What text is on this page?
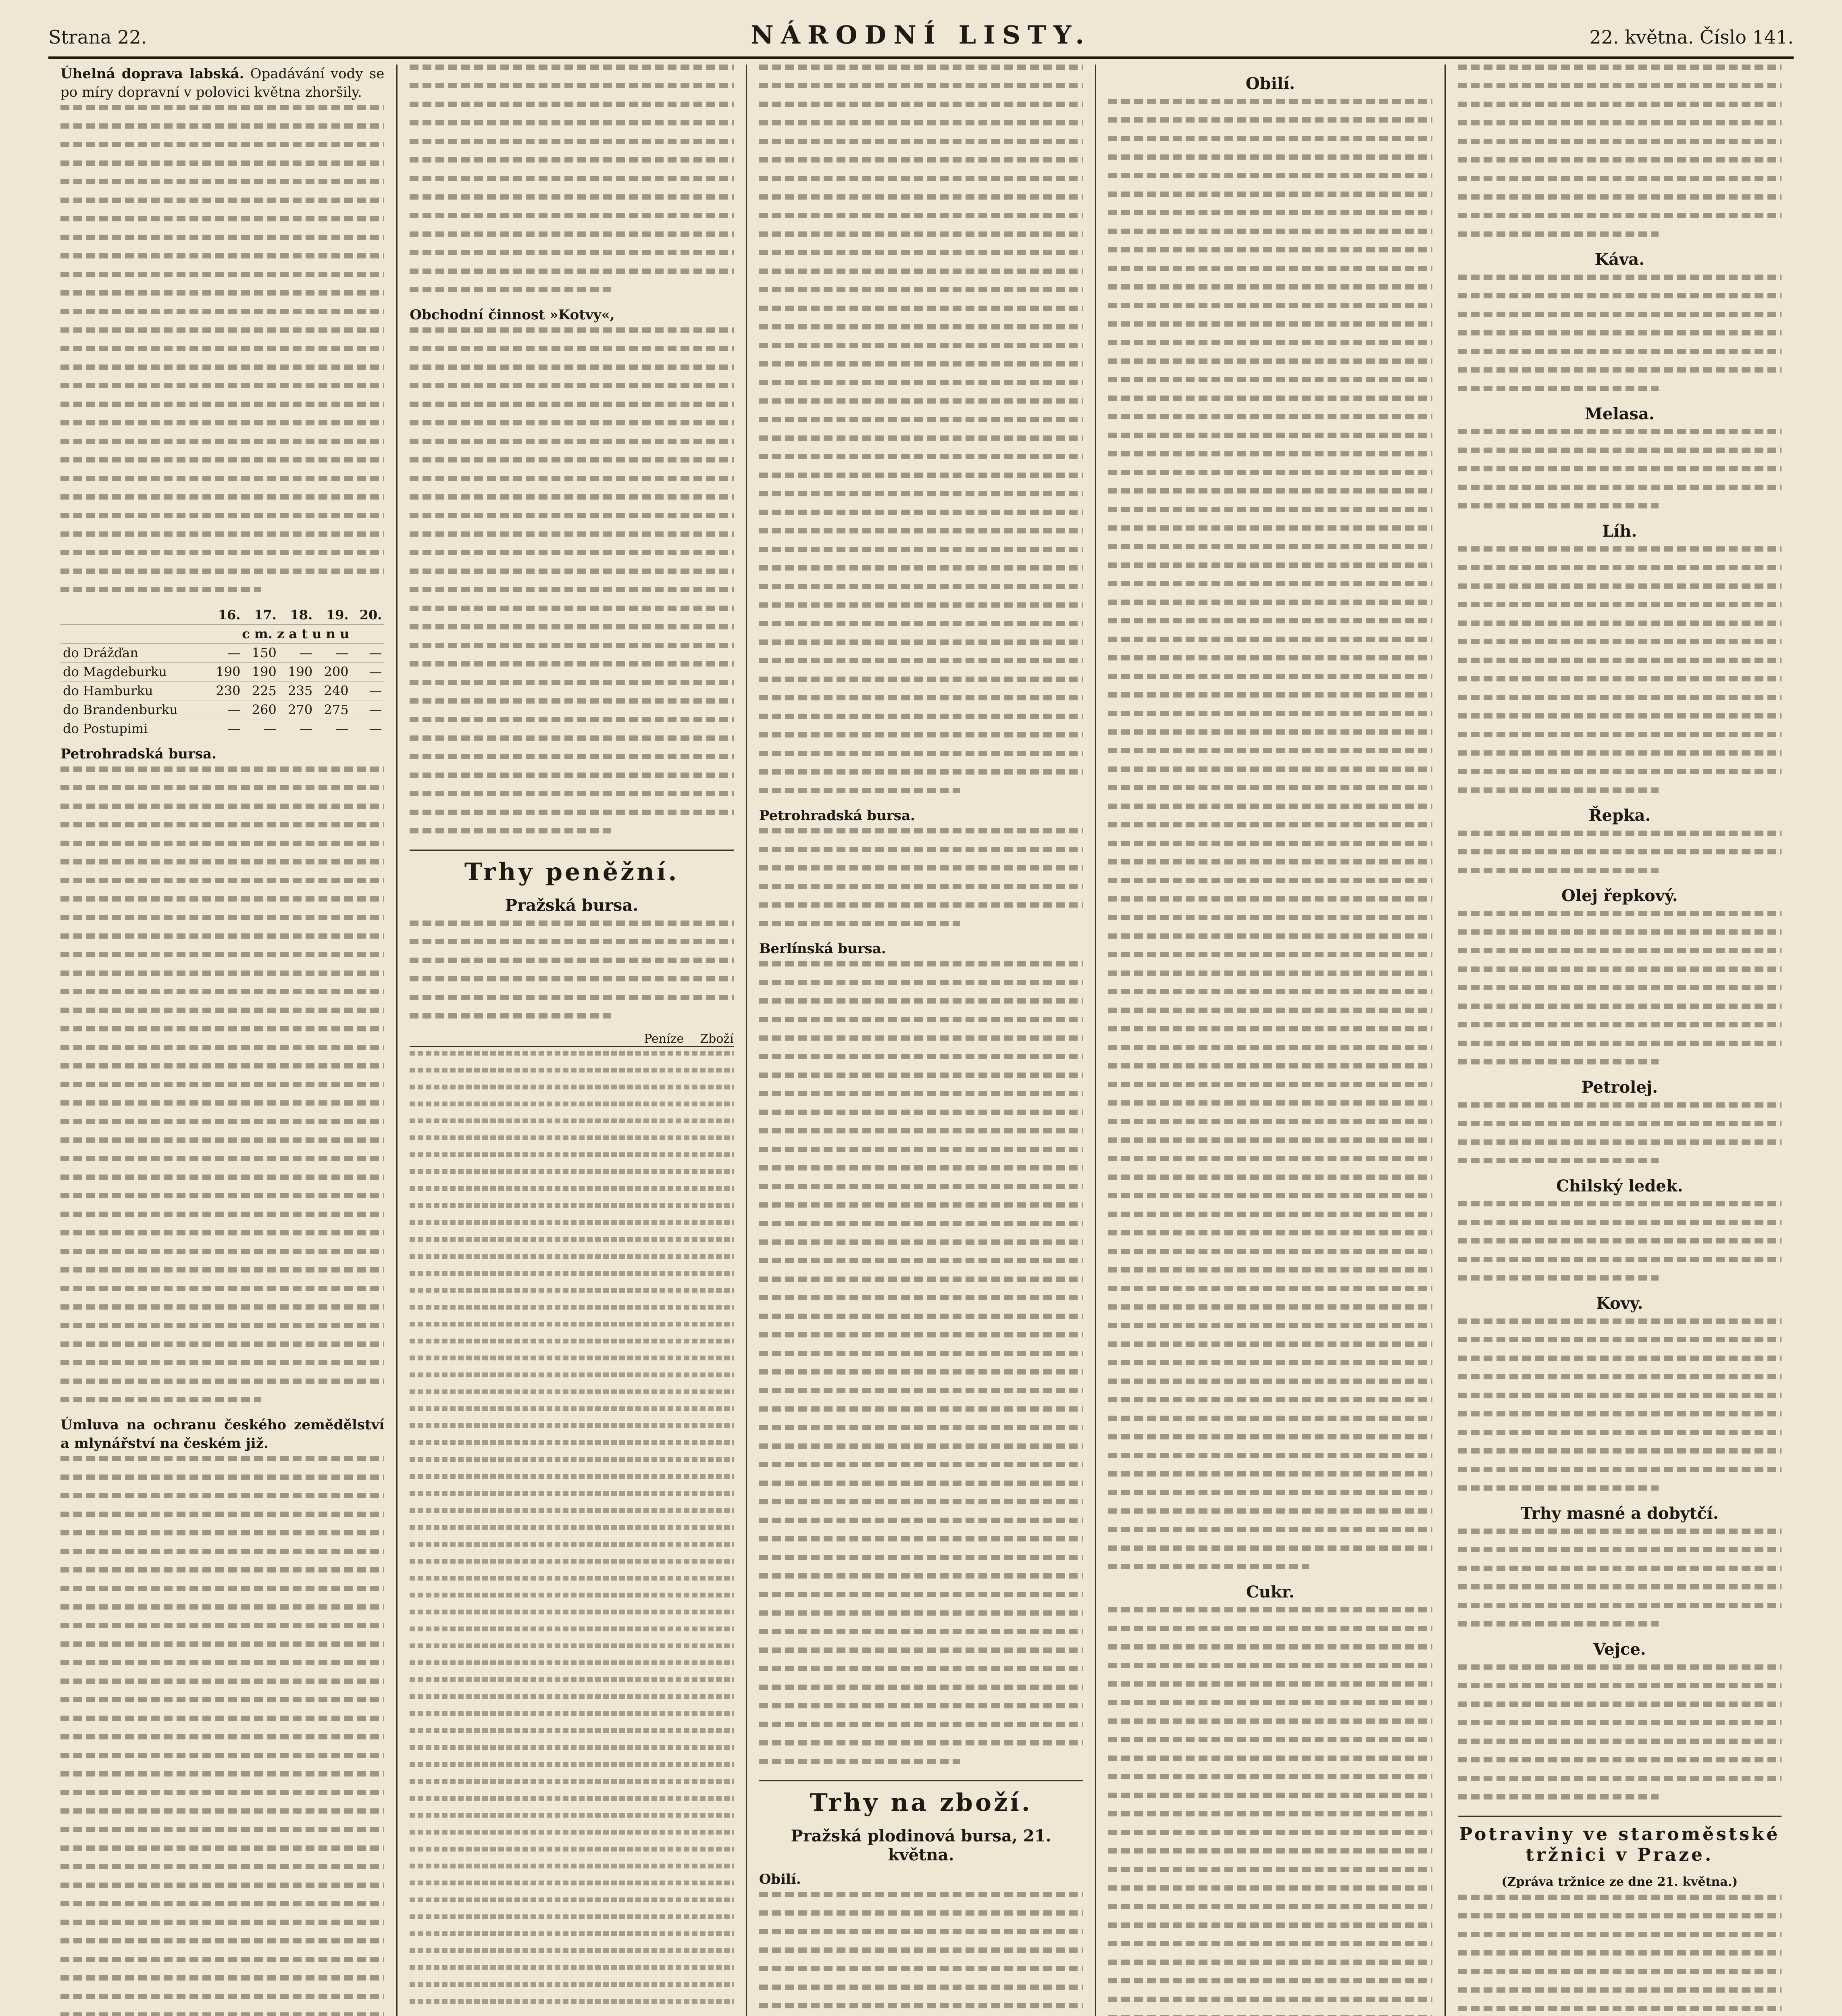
Strana 22.	NÁRODNÍ LISTY.	22. května. Číslo 141.

Úhelná doprava labská. Opadávání vody se po míry dopravní v polovici května zhoršily.

	16.	17.	18.	19.	20.
	c m. z a t u n u				
do Drážďan	—	150	—	—	—
do Magdeburku	190	190	190	200	—
do Hamburku	230	225	235	240	—
do Brandenburku	—	260	270	275	—
do Postupimi	—	—	—	—	—

Petrohradská bursa.

Úmluva na ochranu českého zemědělství a mlynářství na českém již.

Obchodní činnost »Kotvy«,

Trhy peněžní.
Pražská bursa.
Peníze Zboží

Petrohradská bursa.

Berlínská bursa.

Trhy na zboží.
Pražská plodinová bursa, 21. května.

Obilí.

Obilí.
Cukr.
Káva.
Melasa.
Líh.
Řepka.
Olej řepkový.
Petrolej.
Chilský ledek.
Kovy.
Trhy masné a dobytčí.
Vejce.
Potraviny ve staroměstské tržnici v Praze.
(Zpráva tržnice ze dne 21. května.)
